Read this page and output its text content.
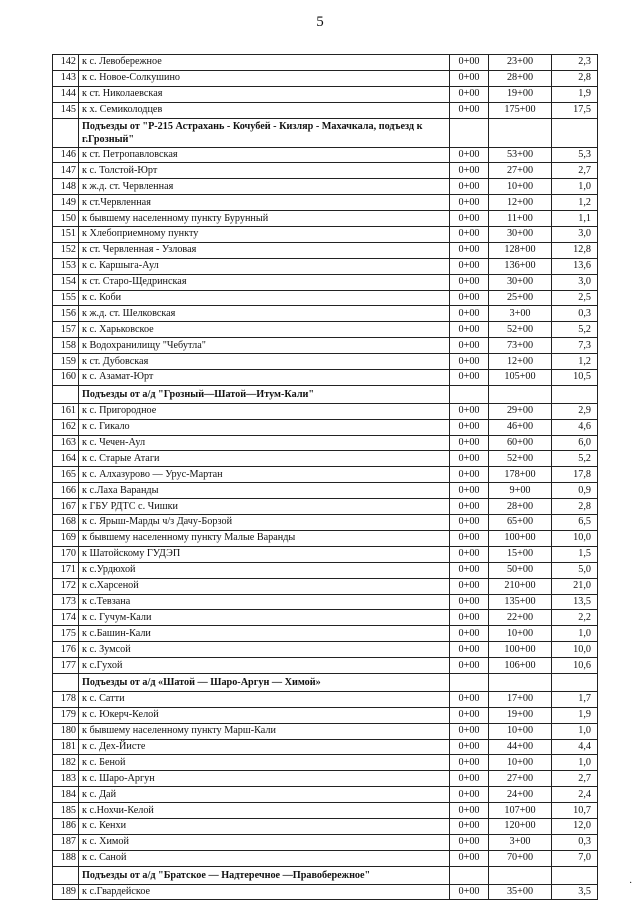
5
142	к с. Левобережное	0+00	23+00	2,3
143	к с. Новое-Солкушино	0+00	28+00	2,8
144	к ст. Николаевская	0+00	19+00	1,9
145	к х. Семиколодцев	0+00	175+00	17,5
	Подъезды от "Р-215 Астрахань - Кочубей - Кизляр - Махачкала, подъезд к г.Грозный"			
146	к ст. Петропавловская	0+00	53+00	5,3
147	к с. Толстой-Юрт	0+00	27+00	2,7
148	к ж.д. ст. Червленная	0+00	10+00	1,0
149	к ст.Червленная	0+00	12+00	1,2
150	к бывшему населенному пункту Бурунный	0+00	11+00	1,1
151	к Хлебоприемному пункту	0+00	30+00	3,0
152	к ст. Червленная - Узловая	0+00	128+00	12,8
153	к с. Каршыга-Аул	0+00	136+00	13,6
154	к ст. Старо-Щедринская	0+00	30+00	3,0
155	к с. Коби	0+00	25+00	2,5
156	к ж.д. ст. Шелковская	0+00	3+00	0,3
157	к с. Харьковское	0+00	52+00	5,2
158	к Водохранилищу "Чебутла"	0+00	73+00	7,3
159	к ст. Дубовская	0+00	12+00	1,2
160	к с. Азамат-Юрт	0+00	105+00	10,5
	Подъезды от а/д "Грозный—Шатой—Итум-Кали"			
161	к с. Пригородное	0+00	29+00	2,9
162	к с. Гикало	0+00	46+00	4,6
163	к с. Чечен-Аул	0+00	60+00	6,0
164	к с. Старые Атаги	0+00	52+00	5,2
165	к с. Алхазурово — Урус-Мартан	0+00	178+00	17,8
166	к с.Лаха Варанды	0+00	9+00	0,9
167	к ГБУ РДТС с. Чишки	0+00	28+00	2,8
168	к с. Ярыш-Марды ч/з Дачу-Борзой	0+00	65+00	6,5
169	к бывшему населенному пункту Малые Варанды	0+00	100+00	10,0
170	к Шатойскому ГУДЭП	0+00	15+00	1,5
171	к с.Урдюхой	0+00	50+00	5,0
172	к с.Харсеной	0+00	210+00	21,0
173	к с.Тевзана	0+00	135+00	13,5
174	к с. Гучум-Кали	0+00	22+00	2,2
175	к с.Башин-Кали	0+00	10+00	1,0
176	к с. Зумсой	0+00	100+00	10,0
177	к с.Гухой	0+00	106+00	10,6
	Подъезды от а/д «Шатой — Шаро-Аргун — Химой»			
178	к с. Сатти	0+00	17+00	1,7
179	к с. Юкерч-Келой	0+00	19+00	1,9
180	к бывшему населенному пункту Марш-Кали	0+00	10+00	1,0
181	к с. Дех-Йисте	0+00	44+00	4,4
182	к с. Беной	0+00	10+00	1,0
183	к с. Шаро-Аргун	0+00	27+00	2,7
184	к с. Дай	0+00	24+00	2,4
185	к с.Нохчи-Келой	0+00	107+00	10,7
186	к с. Кенхи	0+00	120+00	12,0
187	к с. Химой	0+00	3+00	0,3
188	к с. Саной	0+00	70+00	7,0
	Подъезды от а/д "Братское — Надтеречное —Правобережное"			
189	к с.Гвардейское	0+00	35+00	3,5
·
